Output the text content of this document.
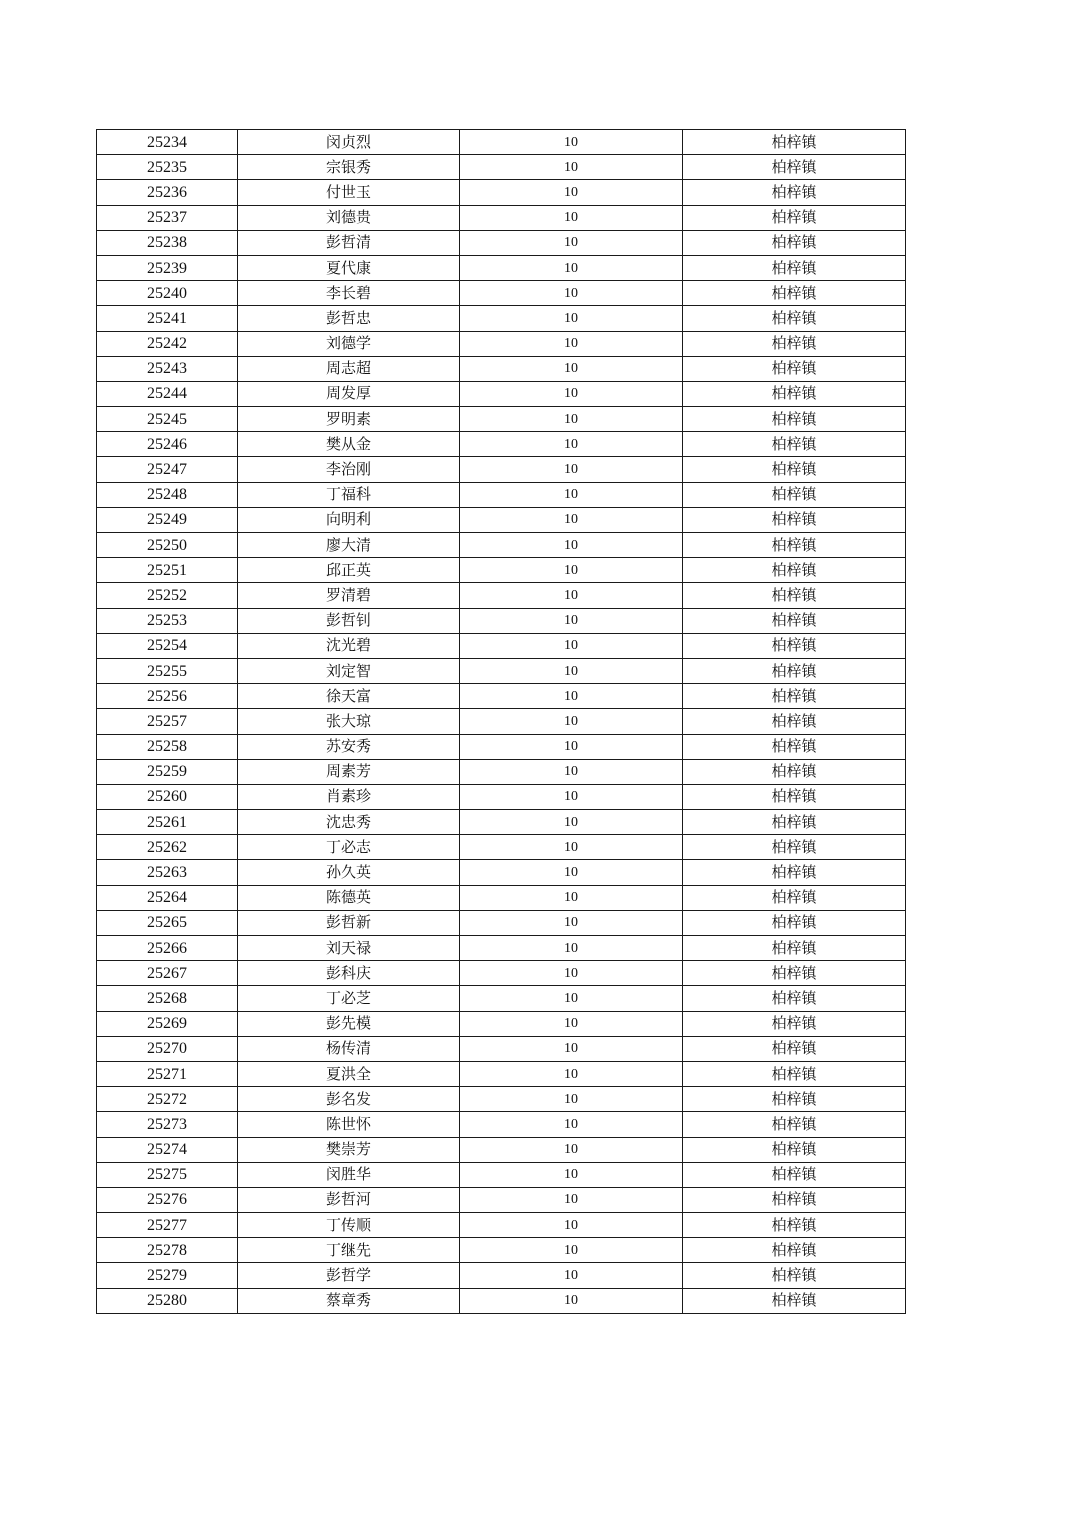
25234	闵贞烈	10	柏梓镇
25235	宗银秀	10	柏梓镇
25236	付世玉	10	柏梓镇
25237	刘德贵	10	柏梓镇
25238	彭哲清	10	柏梓镇
25239	夏代康	10	柏梓镇
25240	李长碧	10	柏梓镇
25241	彭哲忠	10	柏梓镇
25242	刘德学	10	柏梓镇
25243	周志超	10	柏梓镇
25244	周发厚	10	柏梓镇
25245	罗明素	10	柏梓镇
25246	樊从金	10	柏梓镇
25247	李治刚	10	柏梓镇
25248	丁福科	10	柏梓镇
25249	向明利	10	柏梓镇
25250	廖大清	10	柏梓镇
25251	邱正英	10	柏梓镇
25252	罗清碧	10	柏梓镇
25253	彭哲钊	10	柏梓镇
25254	沈光碧	10	柏梓镇
25255	刘定智	10	柏梓镇
25256	徐天富	10	柏梓镇
25257	张大琼	10	柏梓镇
25258	苏安秀	10	柏梓镇
25259	周素芳	10	柏梓镇
25260	肖素珍	10	柏梓镇
25261	沈忠秀	10	柏梓镇
25262	丁必志	10	柏梓镇
25263	孙久英	10	柏梓镇
25264	陈德英	10	柏梓镇
25265	彭哲新	10	柏梓镇
25266	刘天禄	10	柏梓镇
25267	彭科庆	10	柏梓镇
25268	丁必芝	10	柏梓镇
25269	彭先模	10	柏梓镇
25270	杨传清	10	柏梓镇
25271	夏洪全	10	柏梓镇
25272	彭名发	10	柏梓镇
25273	陈世怀	10	柏梓镇
25274	樊崇芳	10	柏梓镇
25275	闵胜华	10	柏梓镇
25276	彭哲河	10	柏梓镇
25277	丁传顺	10	柏梓镇
25278	丁继先	10	柏梓镇
25279	彭哲学	10	柏梓镇
25280	蔡章秀	10	柏梓镇
